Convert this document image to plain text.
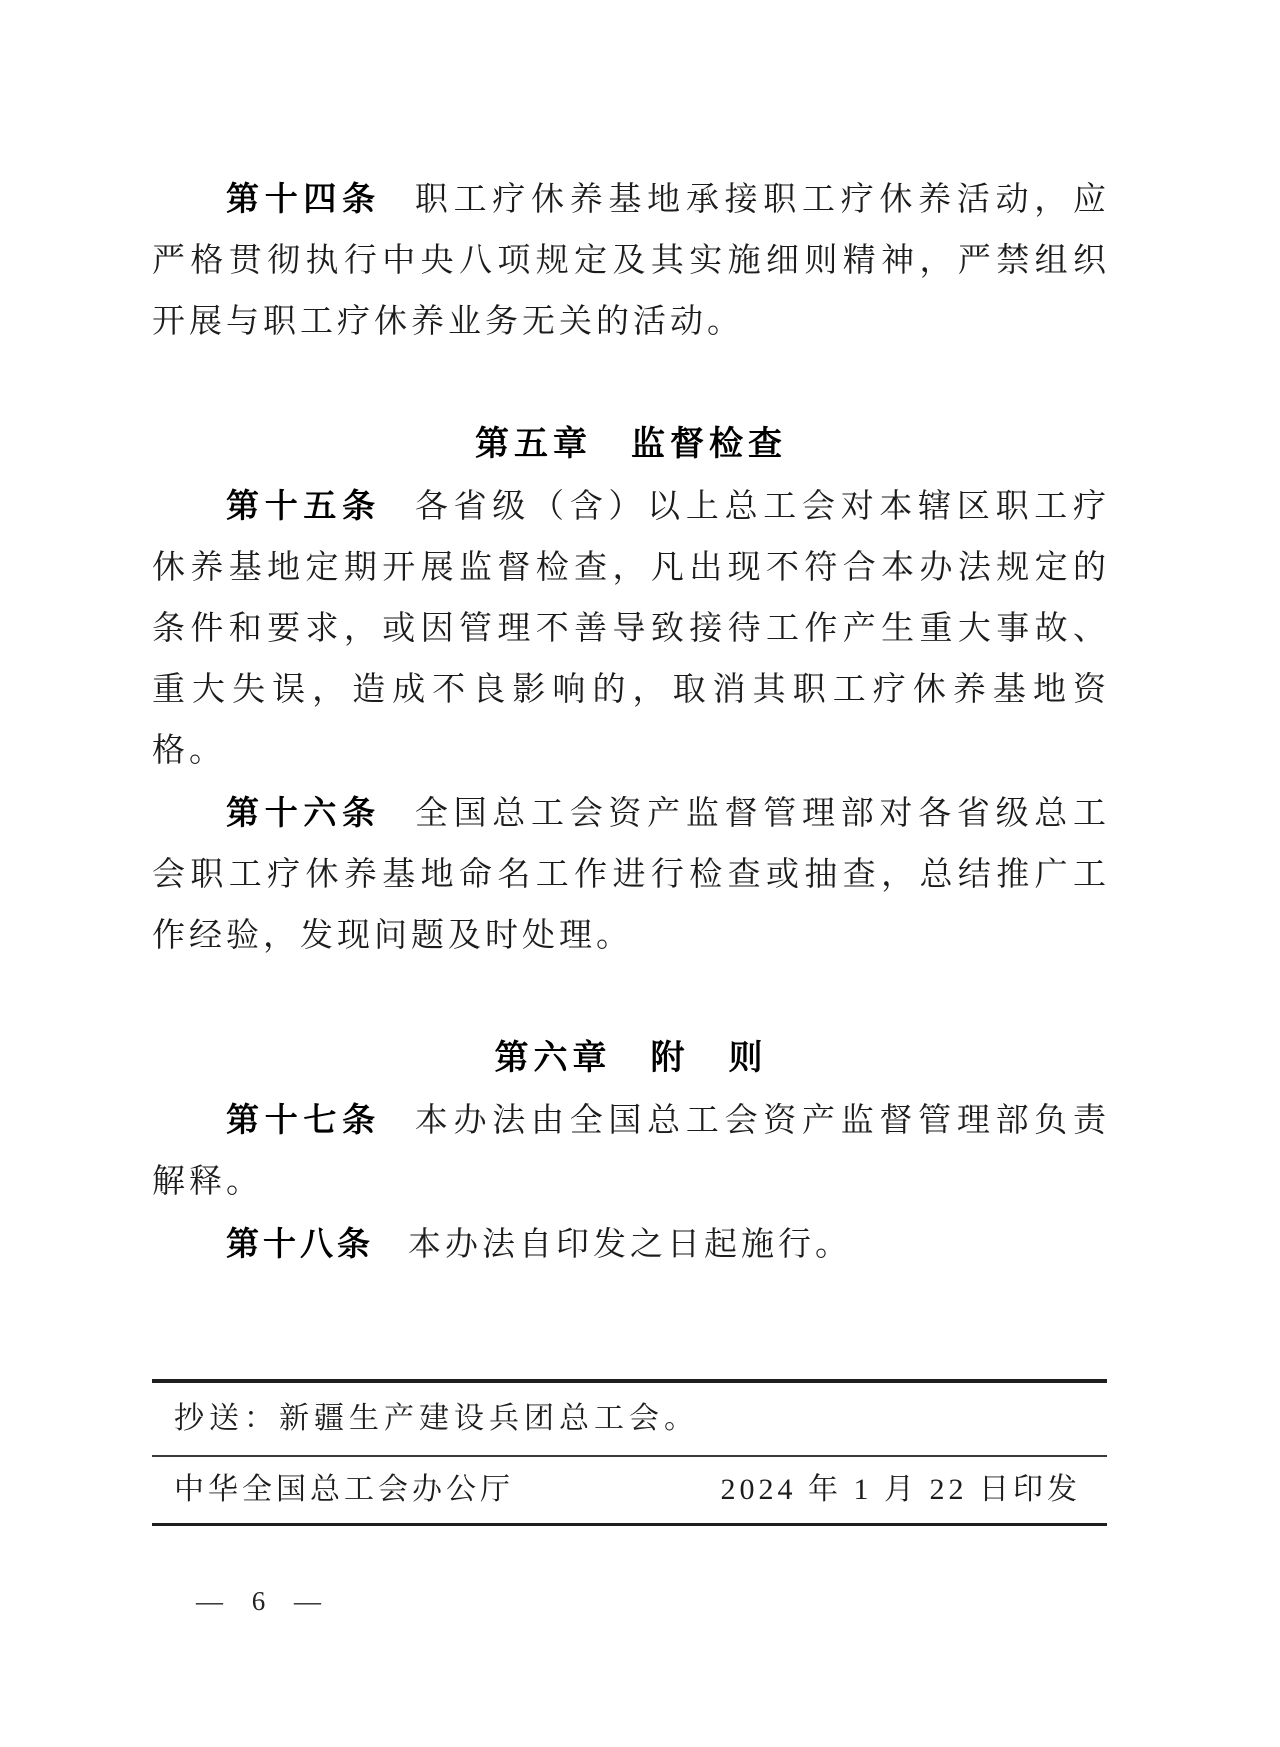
第十四条 职工疗休养基地承接职工疗休养活动，应严格贯彻执行中央八项规定及其实施细则精神，严禁组织开展与职工疗休养业务无关的活动。

第五章　监督检查

第十五条 各省级（含）以上总工会对本辖区职工疗休养基地定期开展监督检查，凡出现不符合本办法规定的条件和要求，或因管理不善导致接待工作产生重大事故、重大失误，造成不良影响的，取消其职工疗休养基地资格。

第十六条 全国总工会资产监督管理部对各省级总工会职工疗休养基地命名工作进行检查或抽查，总结推广工作经验，发现问题及时处理。

第六章　附　则

第十七条 本办法由全国总工会资产监督管理部负责解释。

第十八条 本办法自印发之日起施行。

抄送：新疆生产建设兵团总工会。
中华全国总工会办公厅	2024 年 1 月 22 日印发
— 6 —
